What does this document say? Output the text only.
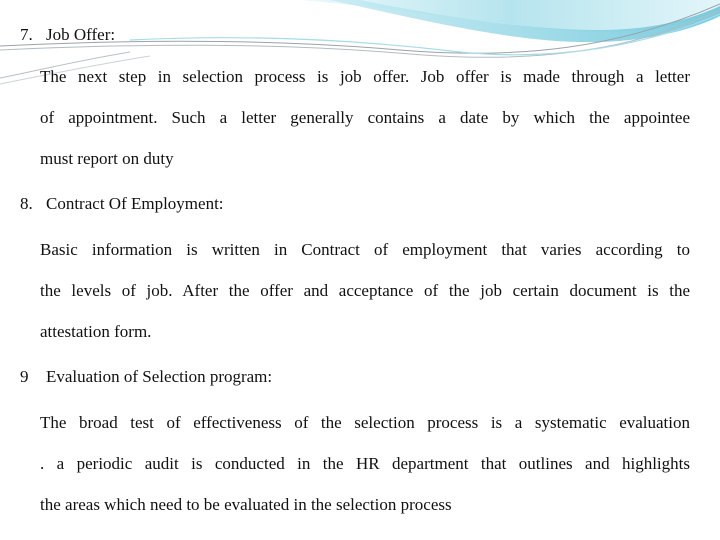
7. Job Offer:
The next step in selection process is job offer. Job offer is made through a letter
of appointment. Such a letter generally contains a date by which the appointee
must report on duty
8. Contract Of Employment:
Basic information is written in Contract of employment that varies according to
the levels of job. After the offer and acceptance of the job certain document is the
attestation form.
9 Evaluation of Selection program:
The broad test of effectiveness of the selection process is a systematic evaluation
. a periodic audit is conducted in the HR department that outlines and highlights
the areas which need to be evaluated in the selection process
